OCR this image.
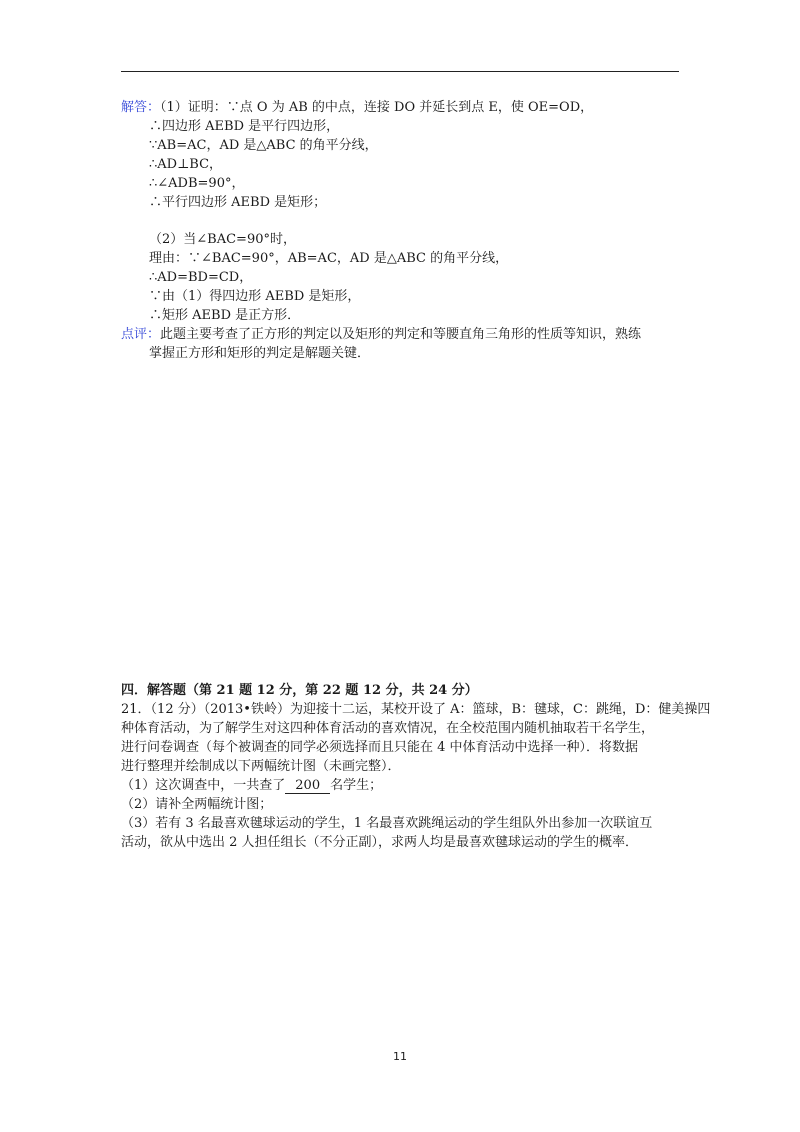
解答：（1）证明：∵点 O 为 AB 的中点，连接 DO 并延长到点 E，使 OE=OD，
∴四边形 AEBD 是平行四边形，
∵AB=AC，AD 是△ABC 的角平分线，
∴AD⊥BC，
∴∠ADB=90°，
∴平行四边形 AEBD 是矩形；
（2）当∠BAC=90°时，
理由：∵∠BAC=90°，AB=AC，AD 是△ABC 的角平分线，
∴AD=BD=CD，
∵由（1）得四边形 AEBD 是矩形，
∴矩形 AEBD 是正方形．
点评：此题主要考查了正方形的判定以及矩形的判定和等腰直角三角形的性质等知识，熟练
掌握正方形和矩形的判定是解题关键．
四．解答题（第 21 题 12 分，第 22 题 12 分，共 24 分）
21．（12 分）（2013•铁岭）为迎接十二运，某校开设了 A：篮球，B：毽球，C：跳绳，D：健美操四
种体育活动，为了解学生对这四种体育活动的喜欢情况，在全校范围内随机抽取若干名学生，
进行问卷调查（每个被调查的同学必须选择而且只能在 4 中体育活动中选择一种）．将数据
进行整理并绘制成以下两幅统计图（未画完整）．
（1）这次调查中，一共查了 200 名学生；
（2）请补全两幅统计图；
（3）若有 3 名最喜欢毽球运动的学生，1 名最喜欢跳绳运动的学生组队外出参加一次联谊互
活动，欲从中选出 2 人担任组长（不分正副），求两人均是最喜欢毽球运动的学生的概率．
11
